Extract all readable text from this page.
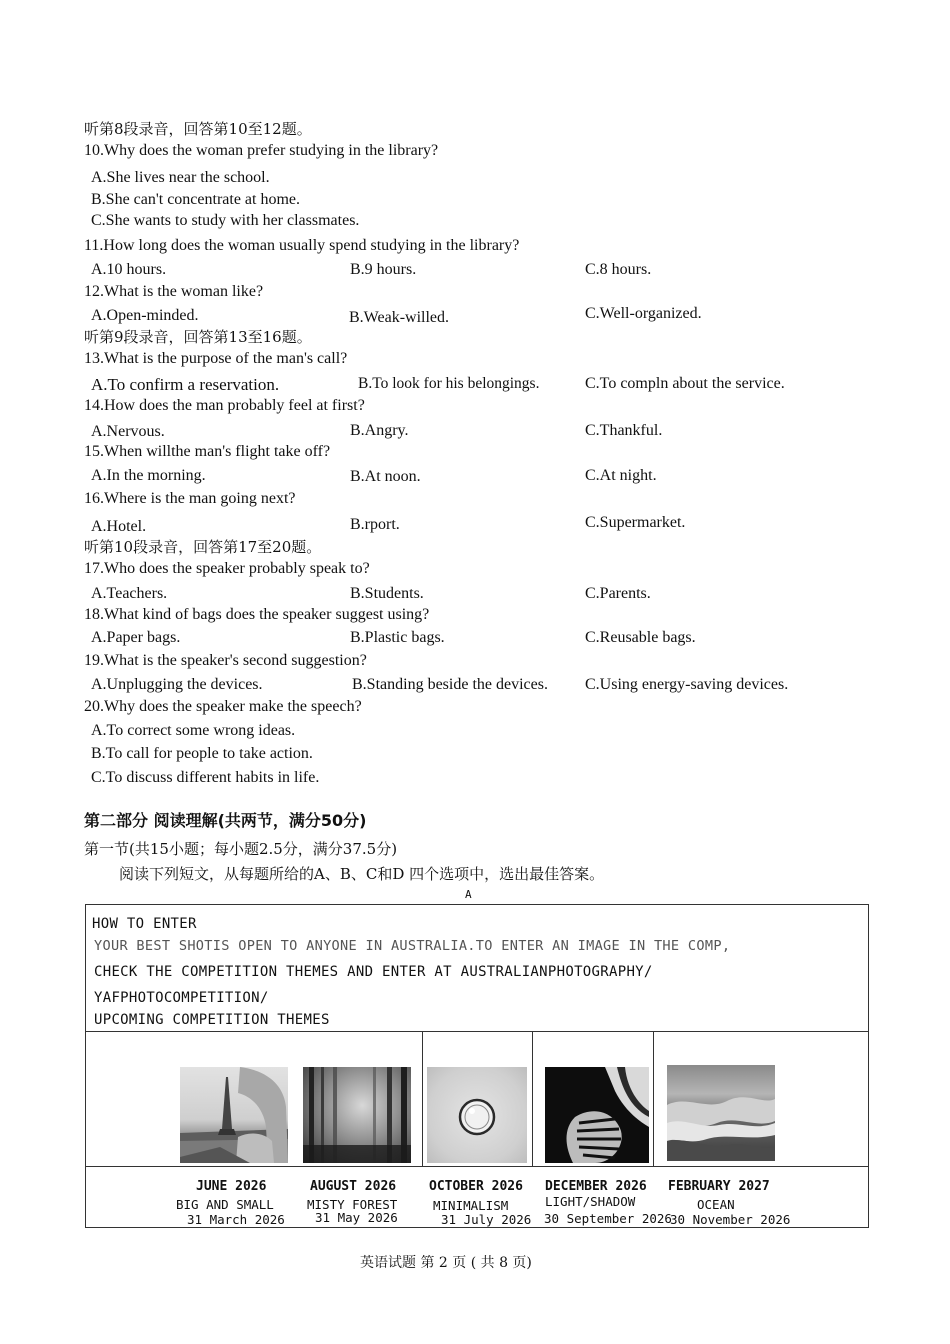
听第8段录音，回答第10至12题。
10.Why does the woman prefer studying in the library?
A.She lives near the school.
B.She can't concentrate at home.
C.She wants to study with her classmates.
11.How long does the woman usually spend studying in the library?
A.10 hours.	B.9 hours.	C.8 hours.
12.What is the woman like?
A.Open-minded.	B.Weak-willed.	C.Well-organized.
听第9段录音，回答第13至16题。
13.What is the purpose of the man's call?
A.To confirm a reservation.	B.To look for his belongings.	C.To compln about the service.
14.How does the man probably feel at first?
A.Nervous.	B.Angry.	C.Thankful.
15.When willthe man's flight take off?
A.In the morning.	B.At noon.	C.At night.
16.Where is the man going next?
A.Hotel.	B.rport.	C.Supermarket.
听第10段录音，回答第17至20题。
17.Who does the speaker probably speak to?
A.Teachers.	B.Students.	C.Parents.
18.What kind of bags does the speaker suggest using?
A.Paper bags.	B.Plastic bags.	C.Reusable bags.
19.What is the speaker's second suggestion?
A.Unplugging the devices.	B.Standing beside the devices. C.Using energy-saving devices.
20.Why does the speaker make the speech?
A.To correct some wrong ideas.
B.To call for people to take action.
C.To discuss different habits in life.
第二部分 阅读理解(共两节，满分50分)
第一节(共15小题；每小题2.5分，满分37.5分)
阅读下列短文，从每题所给的A、B、C和D 四个选项中，选出最佳答案。
A
HOW TO ENTER
YOUR BEST SHOTIS OPEN TO ANYONE IN AUSTRALIA.TO ENTER AN IMAGE IN THE COMP,
CHECK THE COMPETITION THEMES AND ENTER AT AUSTRALIANPHOTOGRAPHY/
YAFPHOTOCOMPETITION/
UPCOMING COMPETITION THEMES
JUNE 2026
BIG AND SMALL
31 March 2026
AUGUST 2026
MISTY FOREST
31 May 2026
OCTOBER 2026
MINIMALISM
31 July 2026
DECEMBER 2026
LIGHT/SHADOW
30 September 2026
FEBRUARY 2027
OCEAN
30 November 2026
英语试题 第 2 页 ( 共 8 页)
